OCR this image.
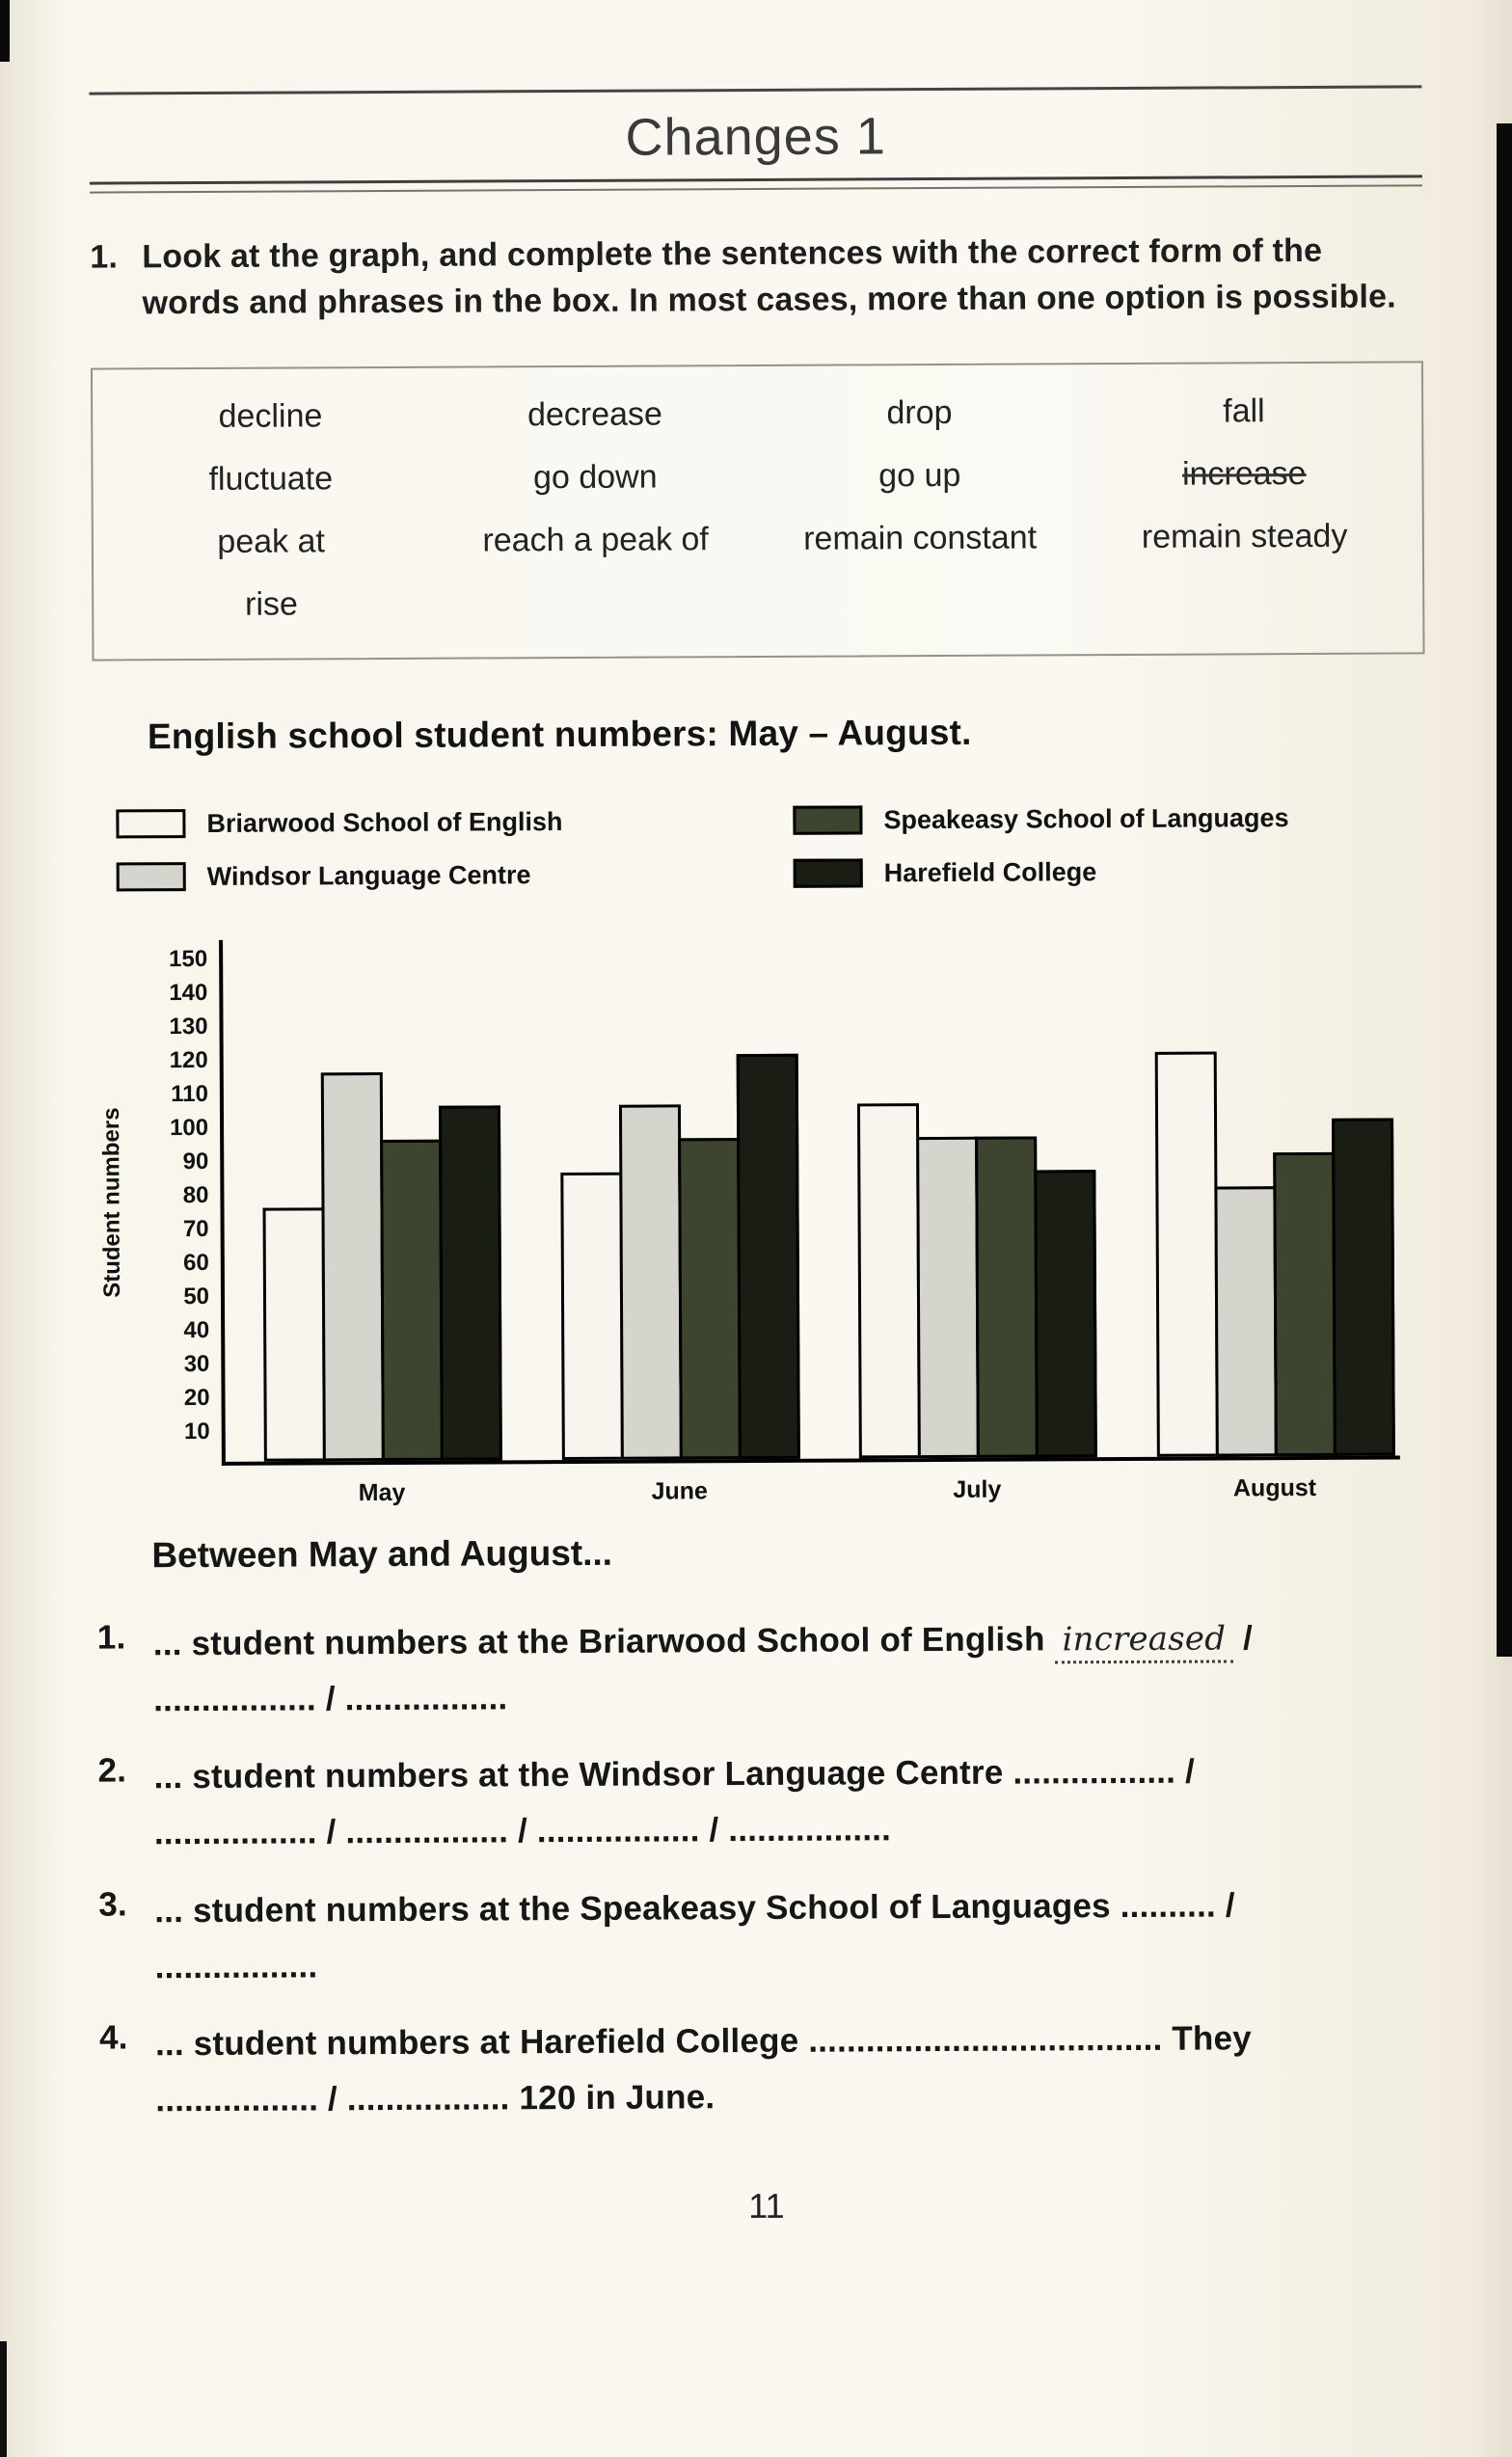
Changes 1
1. Look at the graph, and complete the sentences with the correct form of the words and phrases in the box. In most cases, more than one option is possible.
decline	decrease	drop	fall
fluctuate	go down	go up	increase
peak at	reach a peak of	remain constant	remain steady
rise
English school student numbers: May – August.
Briarwood School of English	Speakeasy School of Languages
Windsor Language Centre	Harefield College
Student numbers
10
20
30
40
50
60
70
80
90
100
110
120
130
140
150
May	June	July	August

Between May and August...

1. ... student numbers at the Briarwood School of English increased /
................. / .................
2. ... student numbers at the Windsor Language Centre ................. /
................. / ................. / ................. / .................
3. ... student numbers at the Speakeasy School of Languages .......... /
.................
4. ... student numbers at Harefield College ..................................... They
................. / ................. 120 in June.
11
